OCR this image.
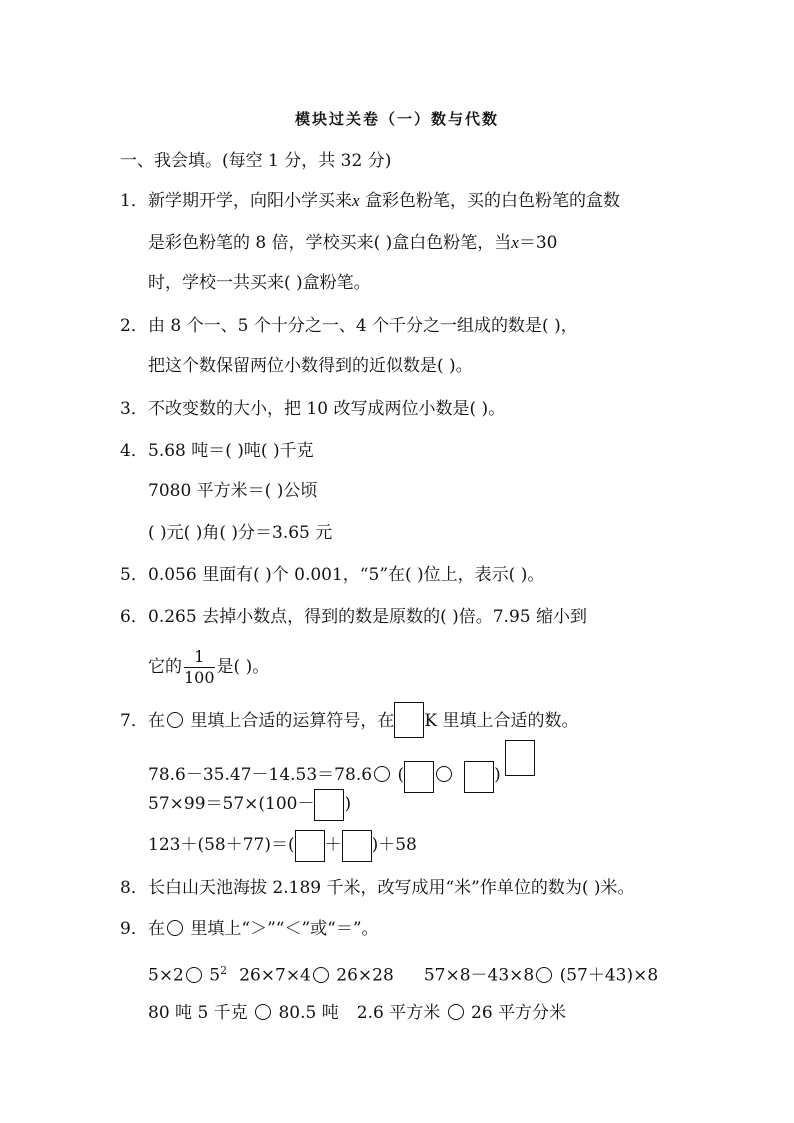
模块过关卷（一）数与代数
一、我会填。(每空 1 分，共 32 分)
1．新学期开学，向阳小学买来x 盒彩色粉笔，买的白色粉笔的盒数
是彩色粉笔的 8 倍，学校买来( )盒白色粉笔，当x＝30
时，学校一共买来( )盒粉笔。
2．由 8 个一、5 个十分之一、4 个千分之一组成的数是( )，
把这个数保留两位小数得到的近似数是( )。
3．不改变数的大小，把 10 改写成两位小数是( )。
4．5.68 吨＝( )吨( )千克
7080 平方米＝( )公顷
( )元( )角( )分＝3.65 元
5．0.056 里面有( )个 0.001，“5”在( )位上，表示( )。
6．0.265 去掉小数点，得到的数是原数的( )倍。7.95 缩小到
它的 $\frac{1}{100}$ 是( )。
7．在 里填上合适的运算符号，在 K 里填上合适的数。
78.6－35.47－14.53＝78.6 (	)
57×99＝57×(100－ )
123＋(58＋77)＝( ＋ )＋58
8．长白山天池海拔 2.189 千米，改写成用“米”作单位的数为( )米。
9．在 里填上“＞”“＜”或“＝”。
5×2 $5^2$ 26×7×4 26×28 57×8－43×8 (57＋43)×8
80 吨 5 千克  80.5 吨 2.6 平方米  26 平方分米
